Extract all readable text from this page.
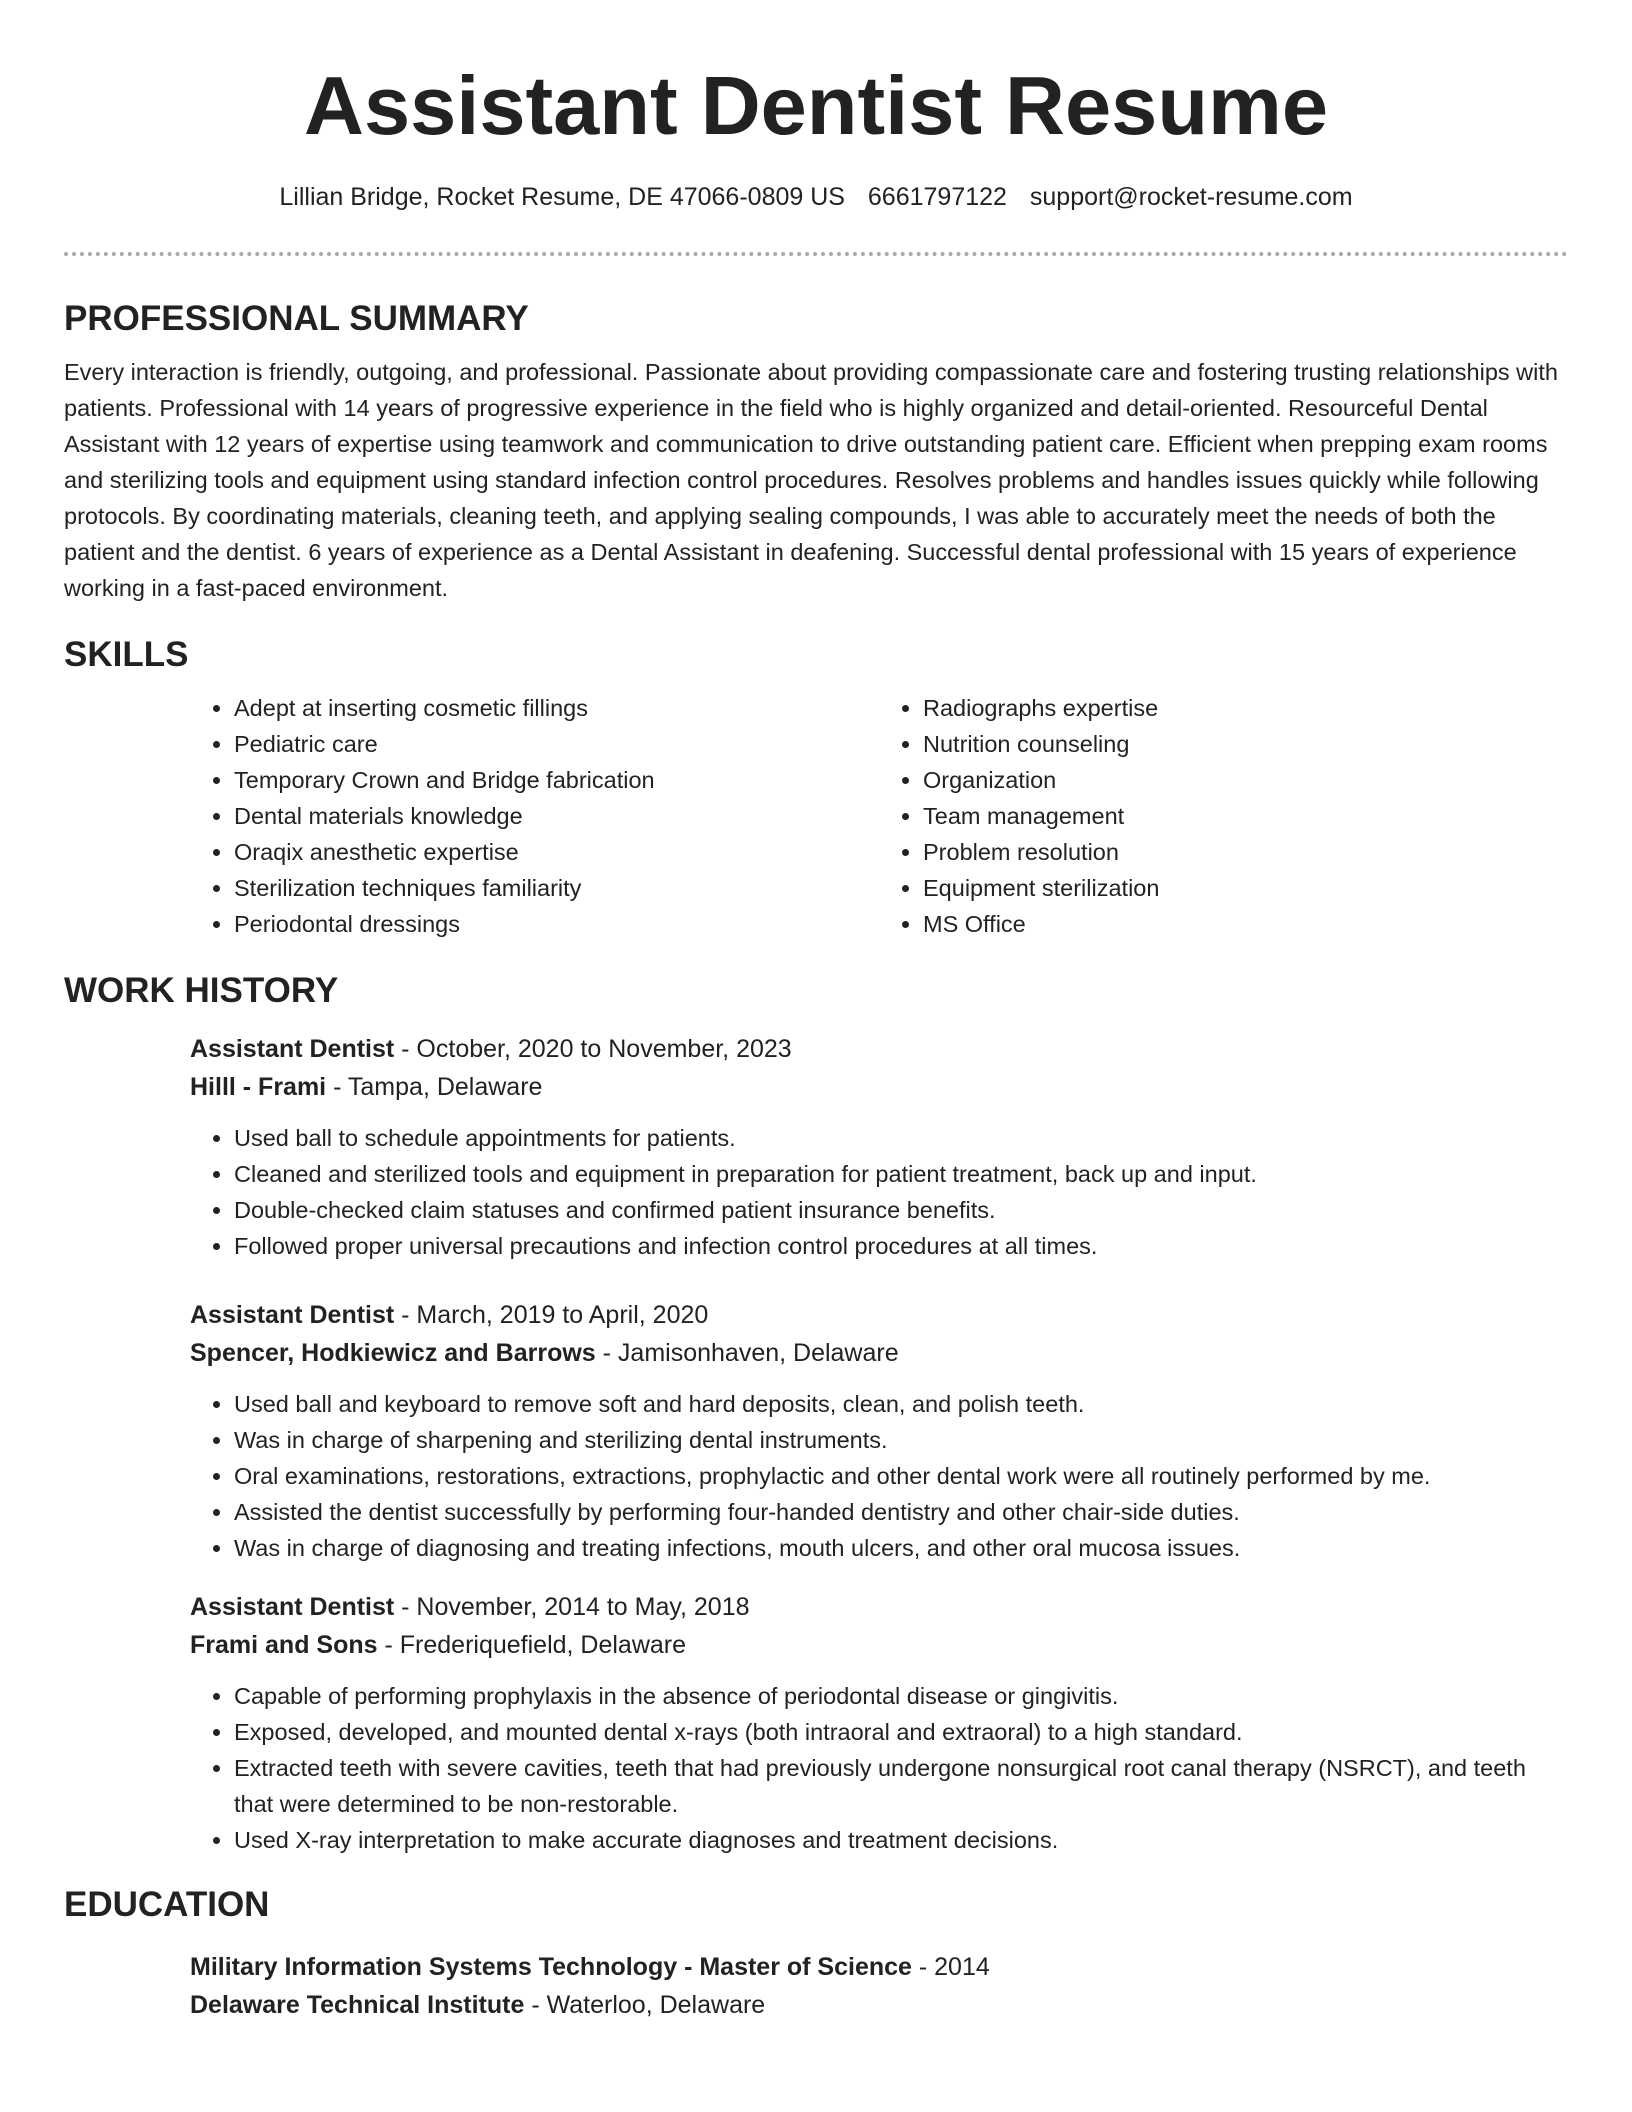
Assistant Dentist Resume
Lillian Bridge, Rocket Resume, DE 47066-0809 US 6661797122 support@rocket-resume.com
PROFESSIONAL SUMMARY

Every interaction is friendly, outgoing, and professional. Passionate about providing compassionate care and fostering trusting relationships with patients. Professional with 14 years of progressive experience in the field who is highly organized and detail-oriented. Resourceful Dental Assistant with 12 years of expertise using teamwork and communication to drive outstanding patient care. Efficient when prepping exam rooms and sterilizing tools and equipment using standard infection control procedures. Resolves problems and handles issues quickly while following protocols. By coordinating materials, cleaning teeth, and applying sealing compounds, I was able to accurately meet the needs of both the patient and the dentist. 6 years of experience as a Dental Assistant in deafening. Successful dental professional with 15 years of experience working in a fast-paced environment.

SKILLS
• Adept at inserting cosmetic fillings
• Pediatric care
• Temporary Crown and Bridge fabrication
• Dental materials knowledge
• Oraqix anesthetic expertise
• Sterilization techniques familiarity
• Periodontal dressings
• Radiographs expertise
• Nutrition counseling
• Organization
• Team management
• Problem resolution
• Equipment sterilization
• MS Office
WORK HISTORY
Assistant Dentist - October, 2020 to November, 2023
Hilll - Frami - Tampa, Delaware
• Used ball to schedule appointments for patients.
• Cleaned and sterilized tools and equipment in preparation for patient treatment, back up and input.
• Double-checked claim statuses and confirmed patient insurance benefits.
• Followed proper universal precautions and infection control procedures at all times.
Assistant Dentist - March, 2019 to April, 2020
Spencer, Hodkiewicz and Barrows - Jamisonhaven, Delaware
• Used ball and keyboard to remove soft and hard deposits, clean, and polish teeth.
• Was in charge of sharpening and sterilizing dental instruments.
• Oral examinations, restorations, extractions, prophylactic and other dental work were all routinely performed by me.
• Assisted the dentist successfully by performing four-handed dentistry and other chair-side duties.
• Was in charge of diagnosing and treating infections, mouth ulcers, and other oral mucosa issues.
Assistant Dentist - November, 2014 to May, 2018
Frami and Sons - Frederiquefield, Delaware
• Capable of performing prophylaxis in the absence of periodontal disease or gingivitis.
• Exposed, developed, and mounted dental x-rays (both intraoral and extraoral) to a high standard.
• Extracted teeth with severe cavities, teeth that had previously undergone nonsurgical root canal therapy (NSRCT), and teeth that were determined to be non-restorable.
• Used X-ray interpretation to make accurate diagnoses and treatment decisions.
EDUCATION
Military Information Systems Technology - Master of Science - 2014
Delaware Technical Institute - Waterloo, Delaware
